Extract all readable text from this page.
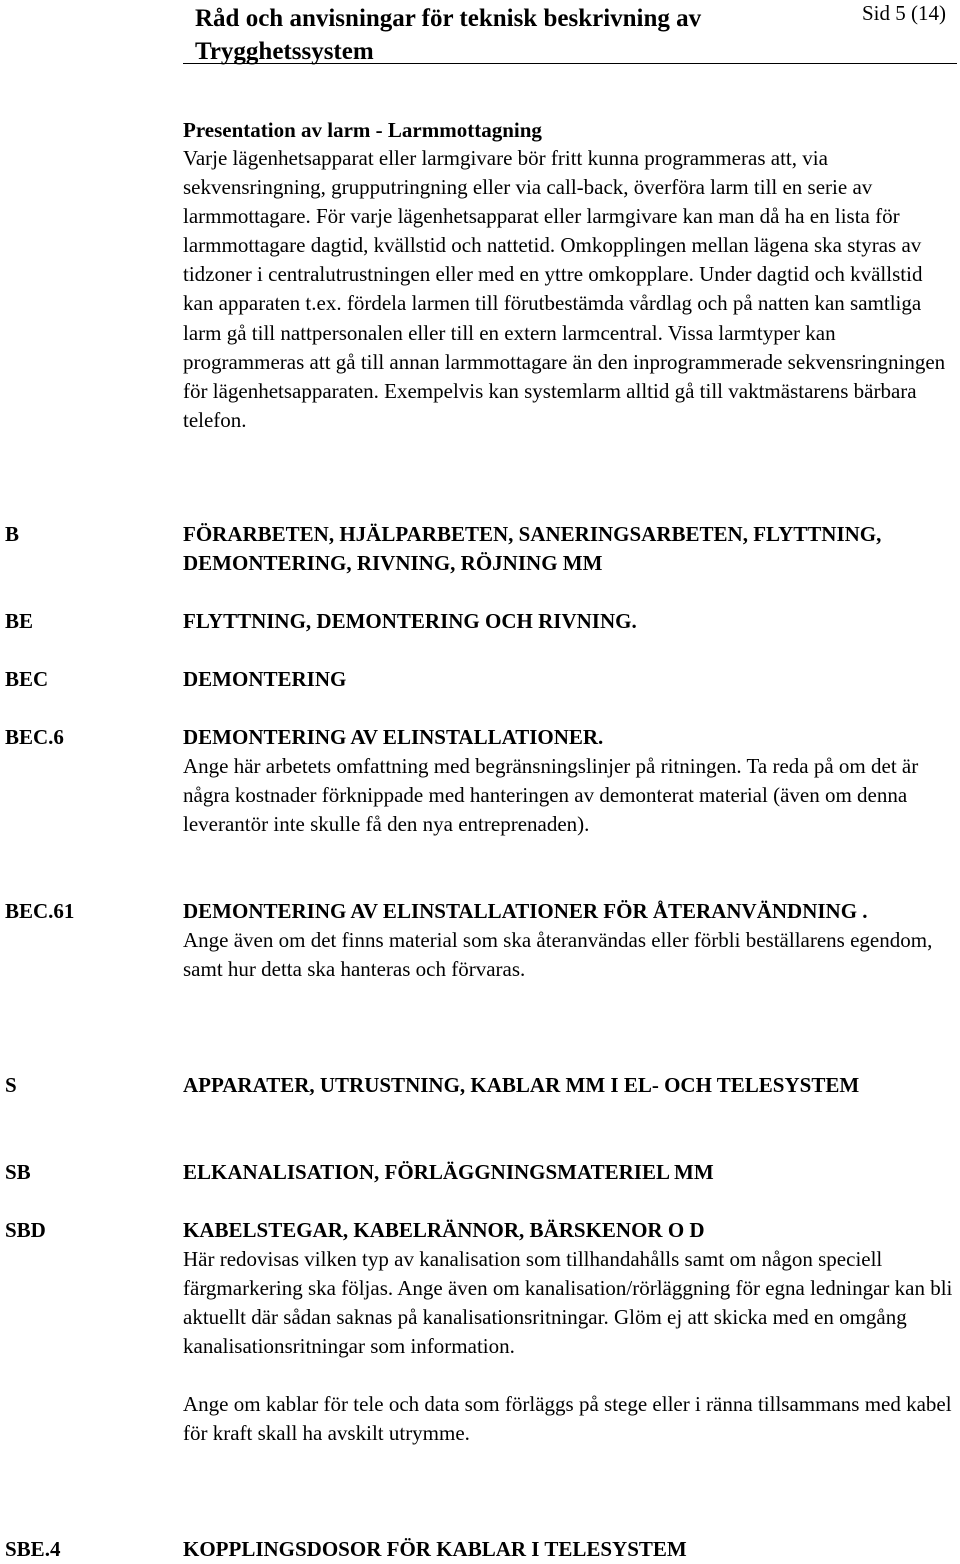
Råd och anvisningar för teknisk beskrivning av Trygghetssystem
Sid 5 (14)
Presentation av larm - Larmmottagning
Varje lägenhetsapparat eller larmgivare bör fritt kunna programmeras att, via sekvensringning, grupputringning eller via call-back, överföra larm till en serie av larmmottagare. För varje lägenhetsapparat eller larmgivare kan man då ha en lista för larmmottagare dagtid, kvällstid och nattetid. Omkopplingen mellan lägena ska styras av tidzoner i centralutrustningen eller med en yttre omkopplare. Under dagtid och kvällstid kan apparaten t.ex. fördela larmen till förutbestämda vårdlag och på natten kan samtliga larm gå till nattpersonalen eller till en extern larmcentral. Vissa larmtyper kan programmeras att gå till annan larmmottagare än den inprogrammerade sekvensringningen för lägenhetsapparaten. Exempelvis kan systemlarm alltid gå till vaktmästarens bärbara telefon.
B	FÖRARBETEN, HJÄLPARBETEN, SANERINGSARBETEN, FLYTTNING, DEMONTERING, RIVNING, RÖJNING MM
BE	FLYTTNING, DEMONTERING OCH RIVNING.
BEC	DEMONTERING
BEC.6	DEMONTERING AV ELINSTALLATIONER.
Ange här arbetets omfattning med begränsningslinjer på ritningen. Ta reda på om det är några kostnader förknippade med hanteringen av demonterat material (även om denna leverantör inte skulle få den nya entreprenaden).
BEC.61	DEMONTERING AV ELINSTALLATIONER FÖR ÅTERANVÄNDNING .
Ange även om det finns material som ska återanvändas eller förbli beställarens egendom, samt hur detta ska hanteras och förvaras.
S	APPARATER, UTRUSTNING, KABLAR MM I EL- OCH TELESYSTEM
SB	ELKANALISATION, FÖRLÄGGNINGSMATERIEL MM
SBD	KABELSTEGAR, KABELRÄNNOR, BÄRSKENOR O D
Här redovisas vilken typ av kanalisation som tillhandahålls samt om någon speciell färgmarkering ska följas. Ange även om kanalisation/rörläggning för egna ledningar kan bli aktuellt där sådan saknas på kanalisationsritningar. Glöm ej att skicka med en omgång kanalisationsritningar som information.
Ange om kablar för tele och data som förläggs på stege eller i ränna tillsammans med kabel för kraft skall ha avskilt utrymme.
SBE.4	KOPPLINGSDOSOR FÖR KABLAR I TELESYSTEM
